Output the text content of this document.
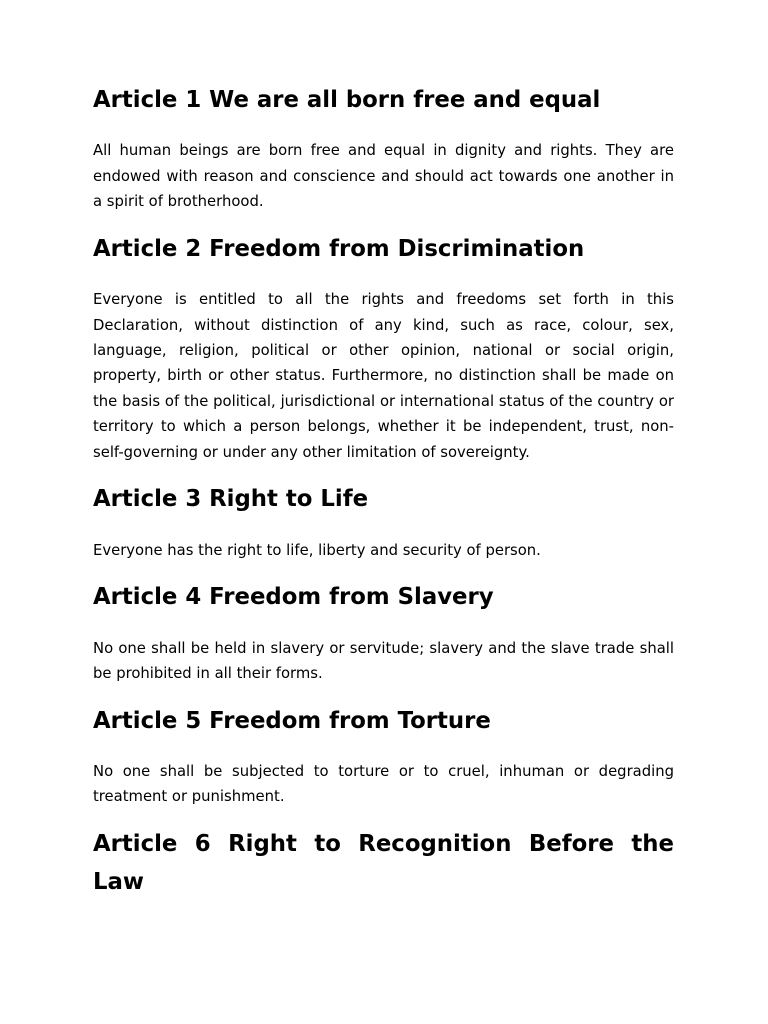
Article 1 We are all born free and equal

All human beings are born free and equal in dignity and rights. They are endowed with reason and conscience and should act towards one another in a spirit of brotherhood.

Article 2 Freedom from Discrimination

Everyone is entitled to all the rights and freedoms set forth in this Declaration, without distinction of any kind, such as race, colour, sex, language, religion, political or other opinion, national or social origin, property, birth or other status. Furthermore, no distinction shall be made on the basis of the political, jurisdictional or international status of the country or territory to which a person belongs, whether it be independent, trust, non-self-governing or under any other limitation of sovereignty.

Article 3 Right to Life

Everyone has the right to life, liberty and security of person.

Article 4 Freedom from Slavery

No one shall be held in slavery or servitude; slavery and the slave trade shall be prohibited in all their forms.

Article 5 Freedom from Torture

No one shall be subjected to torture or to cruel, inhuman or degrading treatment or punishment.

Article 6 Right to Recognition Before the Law
